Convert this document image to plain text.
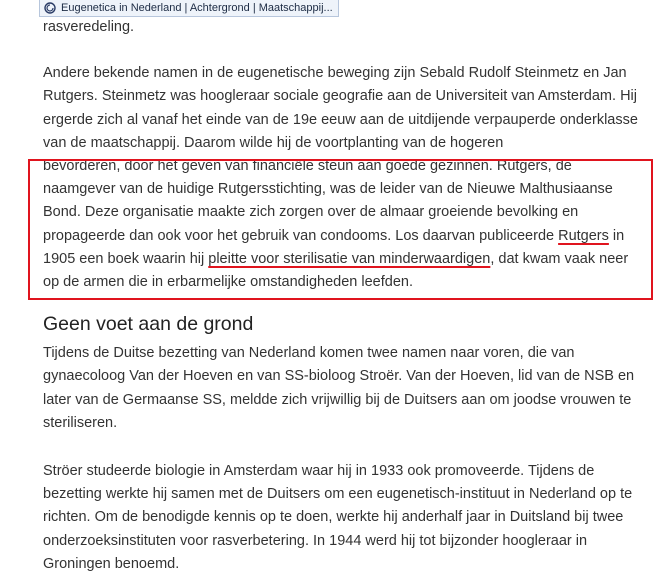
Eugenetica in Nederland | Achtergrond | Maatschappij...

rasveredeling.

Andere bekende namen in de eugenetische beweging zijn Sebald Rudolf Steinmetz en Jan Rutgers. Steinmetz was hoogleraar sociale geografie aan de Universiteit van Amsterdam. Hij ergerde zich al vanaf het einde van de 19e eeuw aan de uitdijende verpauperde onderklasse van de maatschappij. Daarom wilde hij de voortplanting van de hogeren

bevorderen, door het geven van financiële steun aan goede gezinnen. Rutgers, de naamgever van de huidige Rutgersstichting, was de leider van de Nieuwe Malthusiaanse Bond. Deze organisatie maakte zich zorgen over de almaar groeiende bevolking en propageerde dan ook voor het gebruik van condooms. Los daarvan publiceerde Rutgers in 1905 een boek waarin hij pleitte voor sterilisatie van minderwaardigen, dat kwam vaak neer op de armen die in erbarmelijke omstandigheden leefden.

Geen voet aan de grond

Tijdens de Duitse bezetting van Nederland komen twee namen naar voren, die van gynaecoloog Van der Hoeven en van SS-bioloog Stroër. Van der Hoeven, lid van de NSB en later van de Germaanse SS, meldde zich vrijwillig bij de Duitsers aan om joodse vrouwen te steriliseren.

Ströer studeerde biologie in Amsterdam waar hij in 1933 ook promoveerde. Tijdens de bezetting werkte hij samen met de Duitsers om een eugenetisch-instituut in Nederland op te richten. Om de benodigde kennis op te doen, werkte hij anderhalf jaar in Duitsland bij twee onderzoeksinstituten voor rasverbetering. In 1944 werd hij tot bijzonder hoogleraar in Groningen benoemd.
